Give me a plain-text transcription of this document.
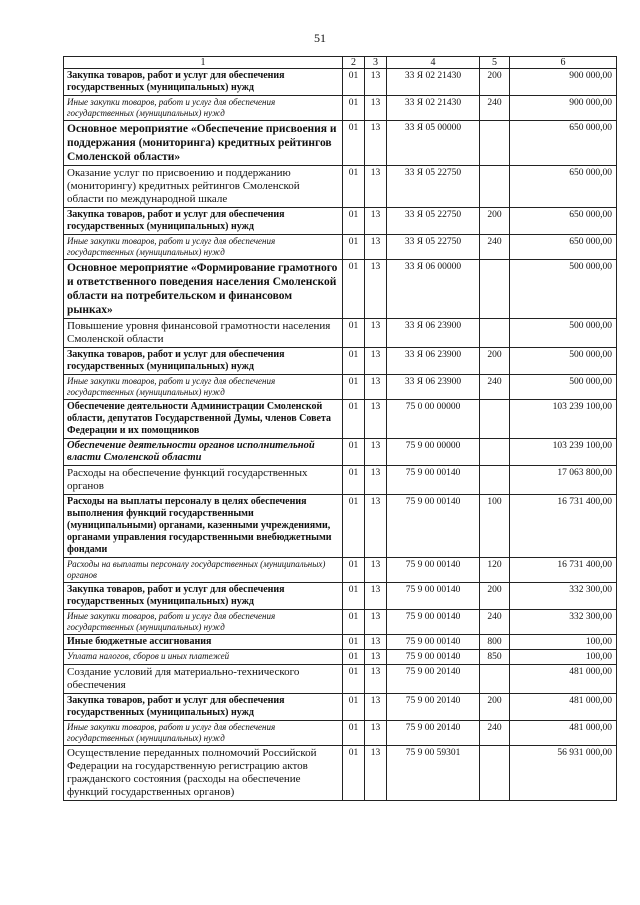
51
1	2	3	4	5	6
Закупка товаров, работ и услуг для обеспечения государственных (муниципальных) нужд	01	13	33 Я 02 21430	200	900 000,00
Иные закупки товаров, работ и услуг для обеспечения государственных (муниципальных) нужд	01	13	33 Я 02 21430	240	900 000,00
Основное мероприятие «Обеспечение присвоения и поддержания (мониторинга) кредитных рейтингов Смоленской области»	01	13	33 Я 05 00000		650 000,00
Оказание услуг по присвоению и поддержанию (мониторингу) кредитных рейтингов Смоленской области по международной шкале	01	13	33 Я 05 22750		650 000,00
Закупка товаров, работ и услуг для обеспечения государственных (муниципальных) нужд	01	13	33 Я 05 22750	200	650 000,00
Иные закупки товаров, работ и услуг для обеспечения государственных (муниципальных) нужд	01	13	33 Я 05 22750	240	650 000,00
Основное мероприятие «Формирование грамотного и ответственного поведения населения Смоленской области на потребительском и финансовом рынках»	01	13	33 Я 06 00000		500 000,00
Повышение уровня финансовой грамотности населения Смоленской области	01	13	33 Я 06 23900		500 000,00
Закупка товаров, работ и услуг для обеспечения государственных (муниципальных) нужд	01	13	33 Я 06 23900	200	500 000,00
Иные закупки товаров, работ и услуг для обеспечения государственных (муниципальных) нужд	01	13	33 Я 06 23900	240	500 000,00
Обеспечение деятельности Администрации Смоленской области, депутатов Государственной Думы, членов Совета Федерации и их помощников	01	13	75 0 00 00000		103 239 100,00
Обеспечение деятельности органов исполнительной власти Смоленской области	01	13	75 9 00 00000		103 239 100,00
Расходы на обеспечение функций государственных органов	01	13	75 9 00 00140		17 063 800,00
Расходы на выплаты персоналу в целях обеспечения выполнения функций государственными (муниципальными) органами, казенными учреждениями, органами управления государственными внебюджетными фондами	01	13	75 9 00 00140	100	16 731 400,00
Расходы на выплаты персоналу государственных (муниципальных) органов	01	13	75 9 00 00140	120	16 731 400,00
Закупка товаров, работ и услуг для обеспечения государственных (муниципальных) нужд	01	13	75 9 00 00140	200	332 300,00
Иные закупки товаров, работ и услуг для обеспечения государственных (муниципальных) нужд	01	13	75 9 00 00140	240	332 300,00
Иные бюджетные ассигнования	01	13	75 9 00 00140	800	100,00
Уплата налогов, сборов и иных платежей	01	13	75 9 00 00140	850	100,00
Создание условий для материально-технического обеспечения	01	13	75 9 00 20140		481 000,00
Закупка товаров, работ и услуг для обеспечения государственных (муниципальных) нужд	01	13	75 9 00 20140	200	481 000,00
Иные закупки товаров, работ и услуг для обеспечения государственных (муниципальных) нужд	01	13	75 9 00 20140	240	481 000,00
Осуществление переданных полномочий Российской Федерации на государственную регистрацию актов гражданского состояния (расходы на обеспечение функций государственных органов)	01	13	75 9 00 59301		56 931 000,00
